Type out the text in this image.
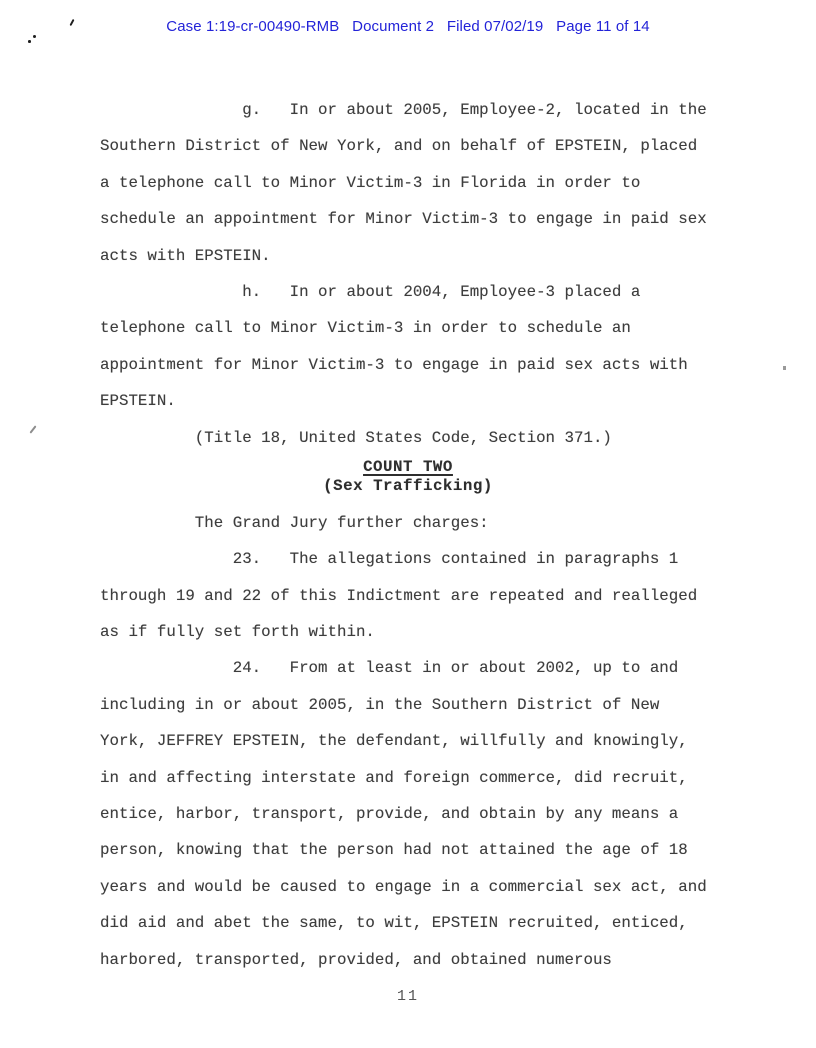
Case 1:19-cr-00490-RMB   Document 2   Filed 07/02/19   Page 11 of 14
g.   In or about 2005, Employee-2, located in the
Southern District of New York, and on behalf of EPSTEIN, placed
a telephone call to Minor Victim-3 in Florida in order to
schedule an appointment for Minor Victim-3 to engage in paid sex
acts with EPSTEIN.
h.   In or about 2004, Employee-3 placed a
telephone call to Minor Victim-3 in order to schedule an
appointment for Minor Victim-3 to engage in paid sex acts with
EPSTEIN.
(Title 18, United States Code, Section 371.)
COUNT TWO
(Sex Trafficking)
The Grand Jury further charges:
23.   The allegations contained in paragraphs 1
through 19 and 22 of this Indictment are repeated and realleged
as if fully set forth within.
24.   From at least in or about 2002, up to and
including in or about 2005, in the Southern District of New
York, JEFFREY EPSTEIN, the defendant, willfully and knowingly,
in and affecting interstate and foreign commerce, did recruit,
entice, harbor, transport, provide, and obtain by any means a
person, knowing that the person had not attained the age of 18
years and would be caused to engage in a commercial sex act, and
did aid and abet the same, to wit, EPSTEIN recruited, enticed,
harbored, transported, provided, and obtained numerous
11
